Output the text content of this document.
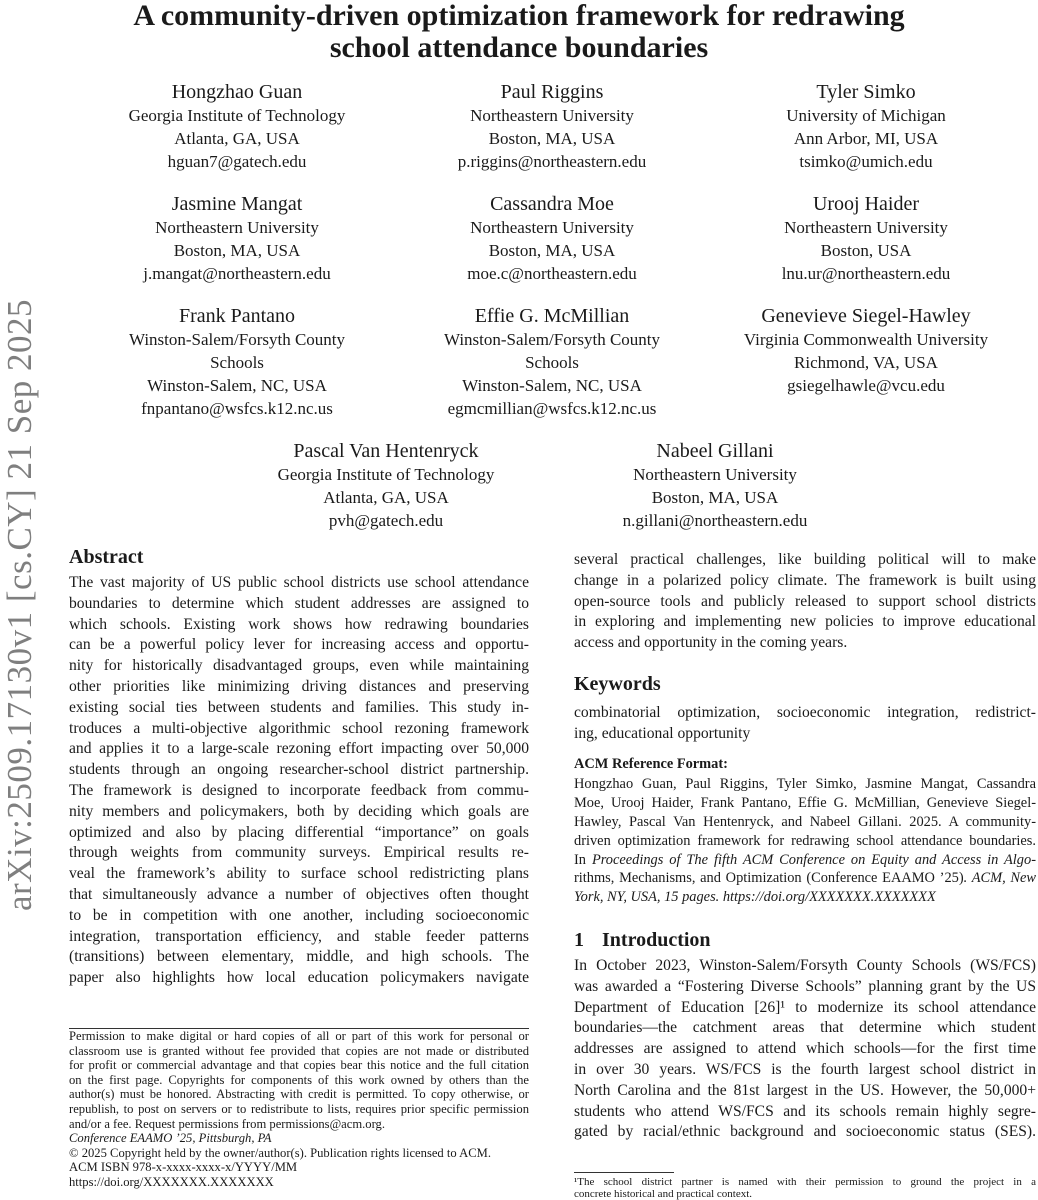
A community-driven optimization framework for redrawing
school attendance boundaries
arXiv:2509.17130v1 [cs.CY] 21 Sep 2025
Hongzhao Guan
Georgia Institute of Technology
Atlanta, GA, USA
hguan7@gatech.edu
Paul Riggins
Northeastern University
Boston, MA, USA
p.riggins@northeastern.edu
Tyler Simko
University of Michigan
Ann Arbor, MI, USA
tsimko@umich.edu
Jasmine Mangat
Northeastern University
Boston, MA, USA
j.mangat@northeastern.edu
Cassandra Moe
Northeastern University
Boston, MA, USA
moe.c@northeastern.edu
Urooj Haider
Northeastern University
Boston, USA
lnu.ur@northeastern.edu
Frank Pantano
Winston-Salem/Forsyth County
Schools
Winston-Salem, NC, USA
fnpantano@wsfcs.k12.nc.us
Effie G. McMillian
Winston-Salem/Forsyth County
Schools
Winston-Salem, NC, USA
egmcmillian@wsfcs.k12.nc.us
Genevieve Siegel-Hawley
Virginia Commonwealth University
Richmond, VA, USA
gsiegelhawle@vcu.edu
Pascal Van Hentenryck
Georgia Institute of Technology
Atlanta, GA, USA
pvh@gatech.edu
Nabeel Gillani
Northeastern University
Boston, MA, USA
n.gillani@northeastern.edu
Abstract
The vast majority of US public school districts use school attendance
boundaries to determine which student addresses are assigned to
which schools. Existing work shows how redrawing boundaries
can be a powerful policy lever for increasing access and opportu-
nity for historically disadvantaged groups, even while maintaining
other priorities like minimizing driving distances and preserving
existing social ties between students and families. This study in-
troduces a multi-objective algorithmic school rezoning framework
and applies it to a large-scale rezoning effort impacting over 50,000
students through an ongoing researcher-school district partnership.
The framework is designed to incorporate feedback from commu-
nity members and policymakers, both by deciding which goals are
optimized and also by placing differential “importance” on goals
through weights from community surveys. Empirical results re-
veal the framework’s ability to surface school redistricting plans
that simultaneously advance a number of objectives often thought
to be in competition with one another, including socioeconomic
integration, transportation efficiency, and stable feeder patterns
(transitions) between elementary, middle, and high schools. The
paper also highlights how local education policymakers navigate
Permission to make digital or hard copies of all or part of this work for personal or
classroom use is granted without fee provided that copies are not made or distributed
for profit or commercial advantage and that copies bear this notice and the full citation
on the first page. Copyrights for components of this work owned by others than the
author(s) must be honored. Abstracting with credit is permitted. To copy otherwise, or
republish, to post on servers or to redistribute to lists, requires prior specific permission
and/or a fee. Request permissions from permissions@acm.org.
Conference EAAMO ’25, Pittsburgh, PA
© 2025 Copyright held by the owner/author(s). Publication rights licensed to ACM.
ACM ISBN 978-x-xxxx-xxxx-x/YYYY/MM
https://doi.org/XXXXXXX.XXXXXXX
several practical challenges, like building political will to make
change in a polarized policy climate. The framework is built using
open-source tools and publicly released to support school districts
in exploring and implementing new policies to improve educational
access and opportunity in the coming years.
Keywords
combinatorial optimization, socioeconomic integration, redistrict-
ing, educational opportunity
ACM Reference Format:
Hongzhao Guan, Paul Riggins, Tyler Simko, Jasmine Mangat, Cassandra
Moe, Urooj Haider, Frank Pantano, Effie G. McMillian, Genevieve Siegel-
Hawley, Pascal Van Hentenryck, and Nabeel Gillani. 2025. A community-
driven optimization framework for redrawing school attendance boundaries.
In Proceedings of The fifth ACM Conference on Equity and Access in Algo-
rithms, Mechanisms, and Optimization (Conference EAAMO ’25). ACM, New
York, NY, USA, 15 pages. https://doi.org/XXXXXXX.XXXXXXX
1 Introduction
In October 2023, Winston-Salem/Forsyth County Schools (WS/FCS)
was awarded a “Fostering Diverse Schools” planning grant by the US
Department of Education [26]¹ to modernize its school attendance
boundaries—the catchment areas that determine which student
addresses are assigned to attend which schools—for the first time
in over 30 years. WS/FCS is the fourth largest school district in
North Carolina and the 81st largest in the US. However, the 50,000+
students who attend WS/FCS and its schools remain highly segre-
gated by racial/ethnic background and socioeconomic status (SES).
¹The school district partner is named with their permission to ground the project in a
concrete historical and practical context.
